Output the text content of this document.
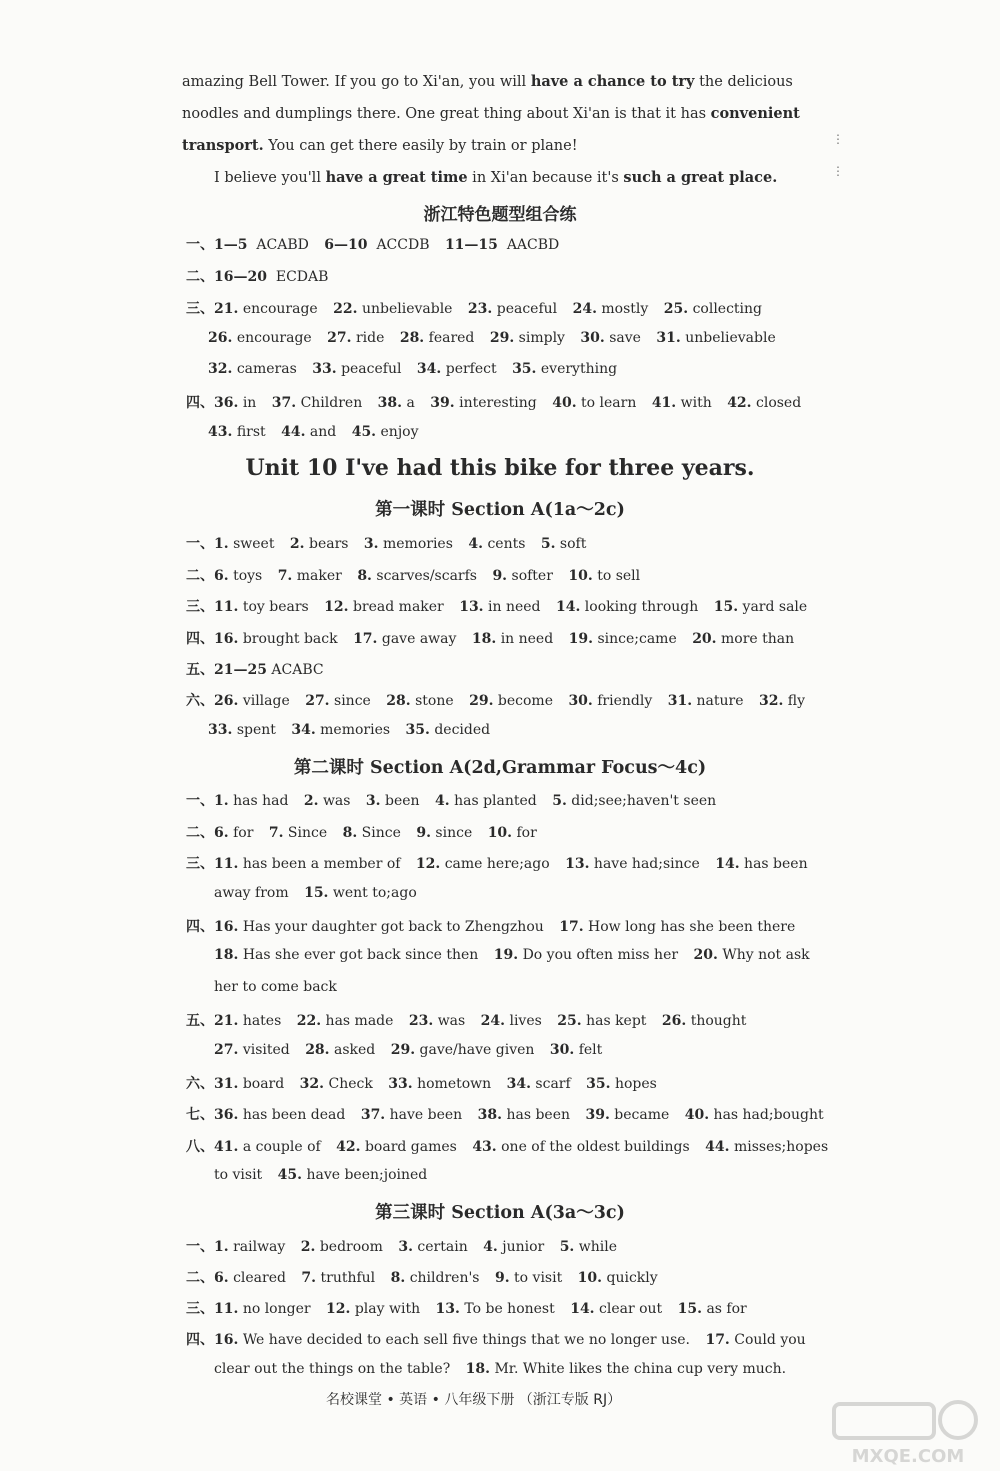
amazing Bell Tower. If you go to Xi'an, you will have a chance to try the delicious

noodles and dumplings there. One great thing about Xi'an is that it has convenient

transport. You can get there easily by train or plane!

I believe you'll have a great time in Xi'an because it's such a great place.

⋮
⋮
浙江特色题型组合练
一、1—5 ACABD 6—10 ACCDB 11—15 AACBD
二、16—20 ECDAB
三、21. encourage 22. unbelievable 23. peaceful 24. mostly 25. collecting
26. encourage 27. ride 28. feared 29. simply 30. save 31. unbelievable
32. cameras 33. peaceful 34. perfect 35. everything
四、36. in 37. Children 38. a 39. interesting 40. to learn 41. with 42. closed
43. first 44. and 45. enjoy
Unit 10 I've had this bike for three years.
第一课时 Section A(1a～2c)
一、1. sweet 2. bears 3. memories 4. cents 5. soft
二、6. toys 7. maker 8. scarves/scarfs 9. softer 10. to sell
三、11. toy bears 12. bread maker 13. in need 14. looking through 15. yard sale
四、16. brought back 17. gave away 18. in need 19. since;came 20. more than
五、21—25 ACABC
六、26. village 27. since 28. stone 29. become 30. friendly 31. nature 32. fly
33. spent 34. memories 35. decided
第二课时 Section A(2d,Grammar Focus～4c)
一、1. has had 2. was 3. been 4. has planted 5. did;see;haven't seen
二、6. for 7. Since 8. Since 9. since 10. for
三、11. has been a member of 12. came here;ago 13. have had;since 14. has been
away from 15. went to;ago
四、16. Has your daughter got back to Zhengzhou 17. How long has she been there
18. Has she ever got back since then 19. Do you often miss her 20. Why not ask
her to come back
五、21. hates 22. has made 23. was 24. lives 25. has kept 26. thought
27. visited 28. asked 29. gave/have given 30. felt
六、31. board 32. Check 33. hometown 34. scarf 35. hopes
七、36. has been dead 37. have been 38. has been 39. became 40. has had;bought
八、41. a couple of 42. board games 43. one of the oldest buildings 44. misses;hopes
to visit 45. have been;joined
第三课时 Section A(3a～3c)
一、1. railway 2. bedroom 3. certain 4. junior 5. while
二、6. cleared 7. truthful 8. children's 9. to visit 10. quickly
三、11. no longer 12. play with 13. To be honest 14. clear out 15. as for
四、16. We have decided to each sell five things that we no longer use. 17. Could you
clear out the things on the table? 18. Mr. White likes the china cup very much.
名校课堂 • 英语 • 八年级下册 （浙江专版 RJ）
MXQE.COM
